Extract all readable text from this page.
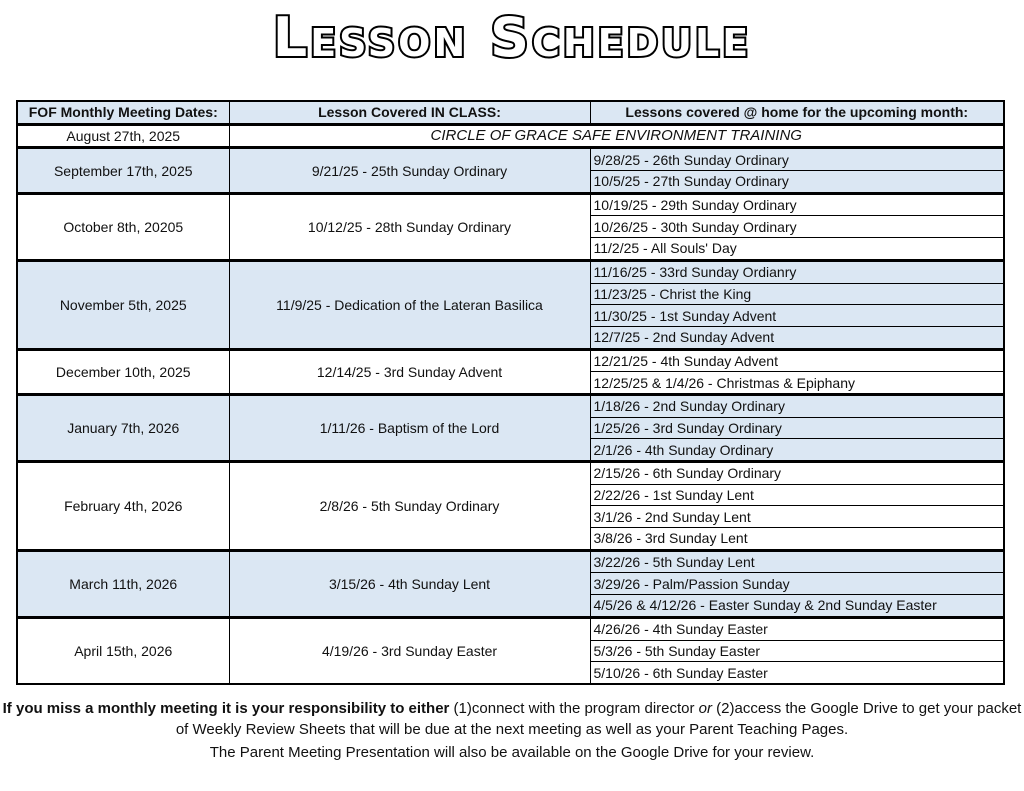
Lesson Schedule
FOF Monthly Meeting Dates:	Lesson Covered IN CLASS:	Lessons covered @ home for the upcoming month:
August 27th, 2025	CIRCLE OF GRACE SAFE ENVIRONMENT TRAINING	
September 17th, 2025	9/21/25 - 25th Sunday Ordinary	9/28/25 - 26th Sunday Ordinary
		10/5/25 - 27th Sunday Ordinary
October 8th, 20205	10/12/25 - 28th Sunday Ordinary	10/19/25 - 29th Sunday Ordinary
		10/26/25 - 30th Sunday Ordinary
		11/2/25 - All Souls' Day
November 5th, 2025	11/9/25 - Dedication of the Lateran Basilica	11/16/25 - 33rd Sunday Ordianry
		11/23/25 - Christ the King
		11/30/25 - 1st Sunday Advent
		12/7/25 - 2nd Sunday Advent
December 10th, 2025	12/14/25 - 3rd Sunday Advent	12/21/25 - 4th Sunday Advent
		12/25/25 & 1/4/26 - Christmas & Epiphany
January 7th, 2026	1/11/26 - Baptism of the Lord	1/18/26 - 2nd Sunday Ordinary
		1/25/26 - 3rd Sunday Ordinary
		2/1/26 - 4th Sunday Ordinary
February 4th, 2026	2/8/26 - 5th Sunday Ordinary	2/15/26 - 6th Sunday Ordinary
		2/22/26 - 1st Sunday Lent
		3/1/26 - 2nd Sunday Lent
		3/8/26 - 3rd Sunday Lent
March 11th, 2026	3/15/26 - 4th Sunday Lent	3/22/26 - 5th Sunday Lent
		3/29/26 - Palm/Passion Sunday
		4/5/26 & 4/12/26 - Easter Sunday & 2nd Sunday Easter
April 15th, 2026	4/19/26 - 3rd Sunday Easter	4/26/26 - 4th Sunday Easter
		5/3/26 - 5th Sunday Easter
		5/10/26 - 6th Sunday Easter
If you miss a monthly meeting it is your responsibility to either (1)connect with the program director or (2)access the Google Drive to get your packet of Weekly Review Sheets that will be due at the next meeting as well as your Parent Teaching Pages.
The Parent Meeting Presentation will also be available on the Google Drive for your review.
